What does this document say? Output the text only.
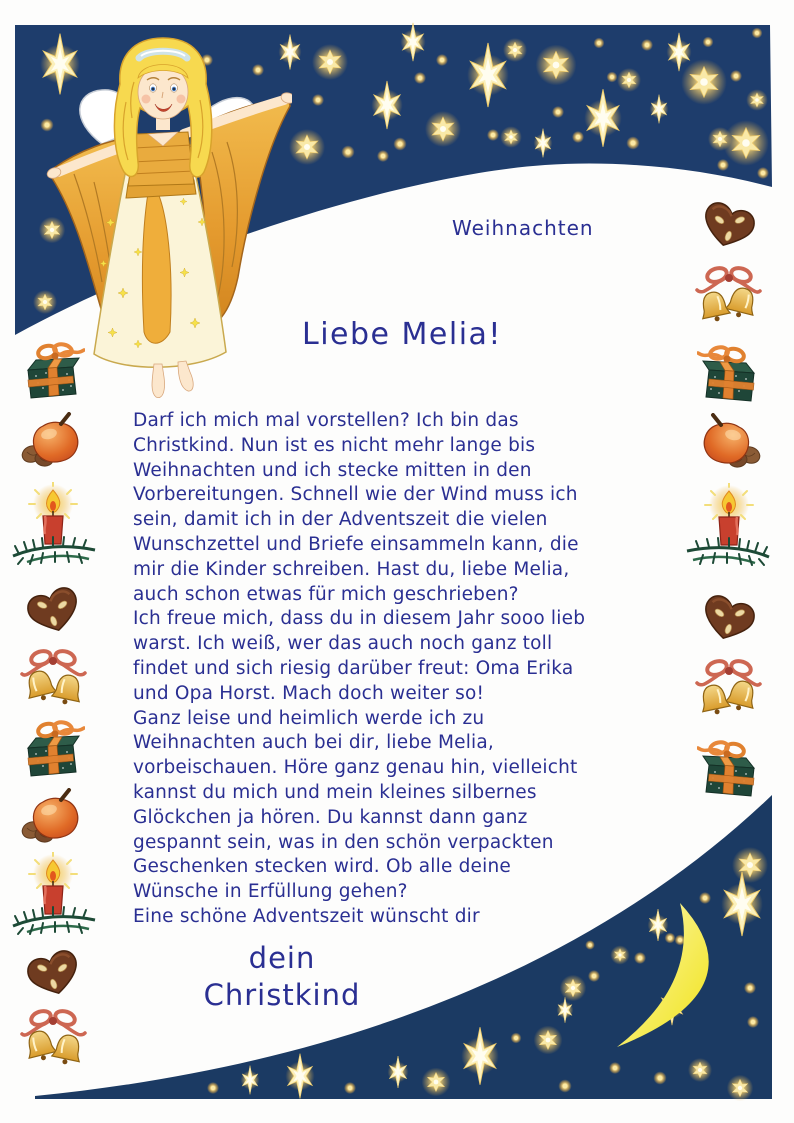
Weihnachten
Liebe Melia!
Darf ich mich mal vorstellen? Ich bin das
Christkind. Nun ist es nicht mehr lange bis
Weihnachten und ich stecke mitten in den
Vorbereitungen. Schnell wie der Wind muss ich
sein, damit ich in der Adventszeit die vielen
Wunschzettel und Briefe einsammeln kann, die
mir die Kinder schreiben. Hast du, liebe Melia,
auch schon etwas für mich geschrieben?
Ich freue mich, dass du in diesem Jahr sooo lieb
warst. Ich weiß, wer das auch noch ganz toll
findet und sich riesig darüber freut: Oma Erika
und Opa Horst. Mach doch weiter so!
Ganz leise und heimlich werde ich zu
Weihnachten auch bei dir, liebe Melia,
vorbeischauen. Höre ganz genau hin, vielleicht
kannst du mich und mein kleines silbernes
Glöckchen ja hören. Du kannst dann ganz
gespannt sein, was in den schön verpackten
Geschenken stecken wird. Ob alle deine
Wünsche in Erfüllung gehen?
Eine schöne Adventszeit wünscht dir
dein
Christkind
